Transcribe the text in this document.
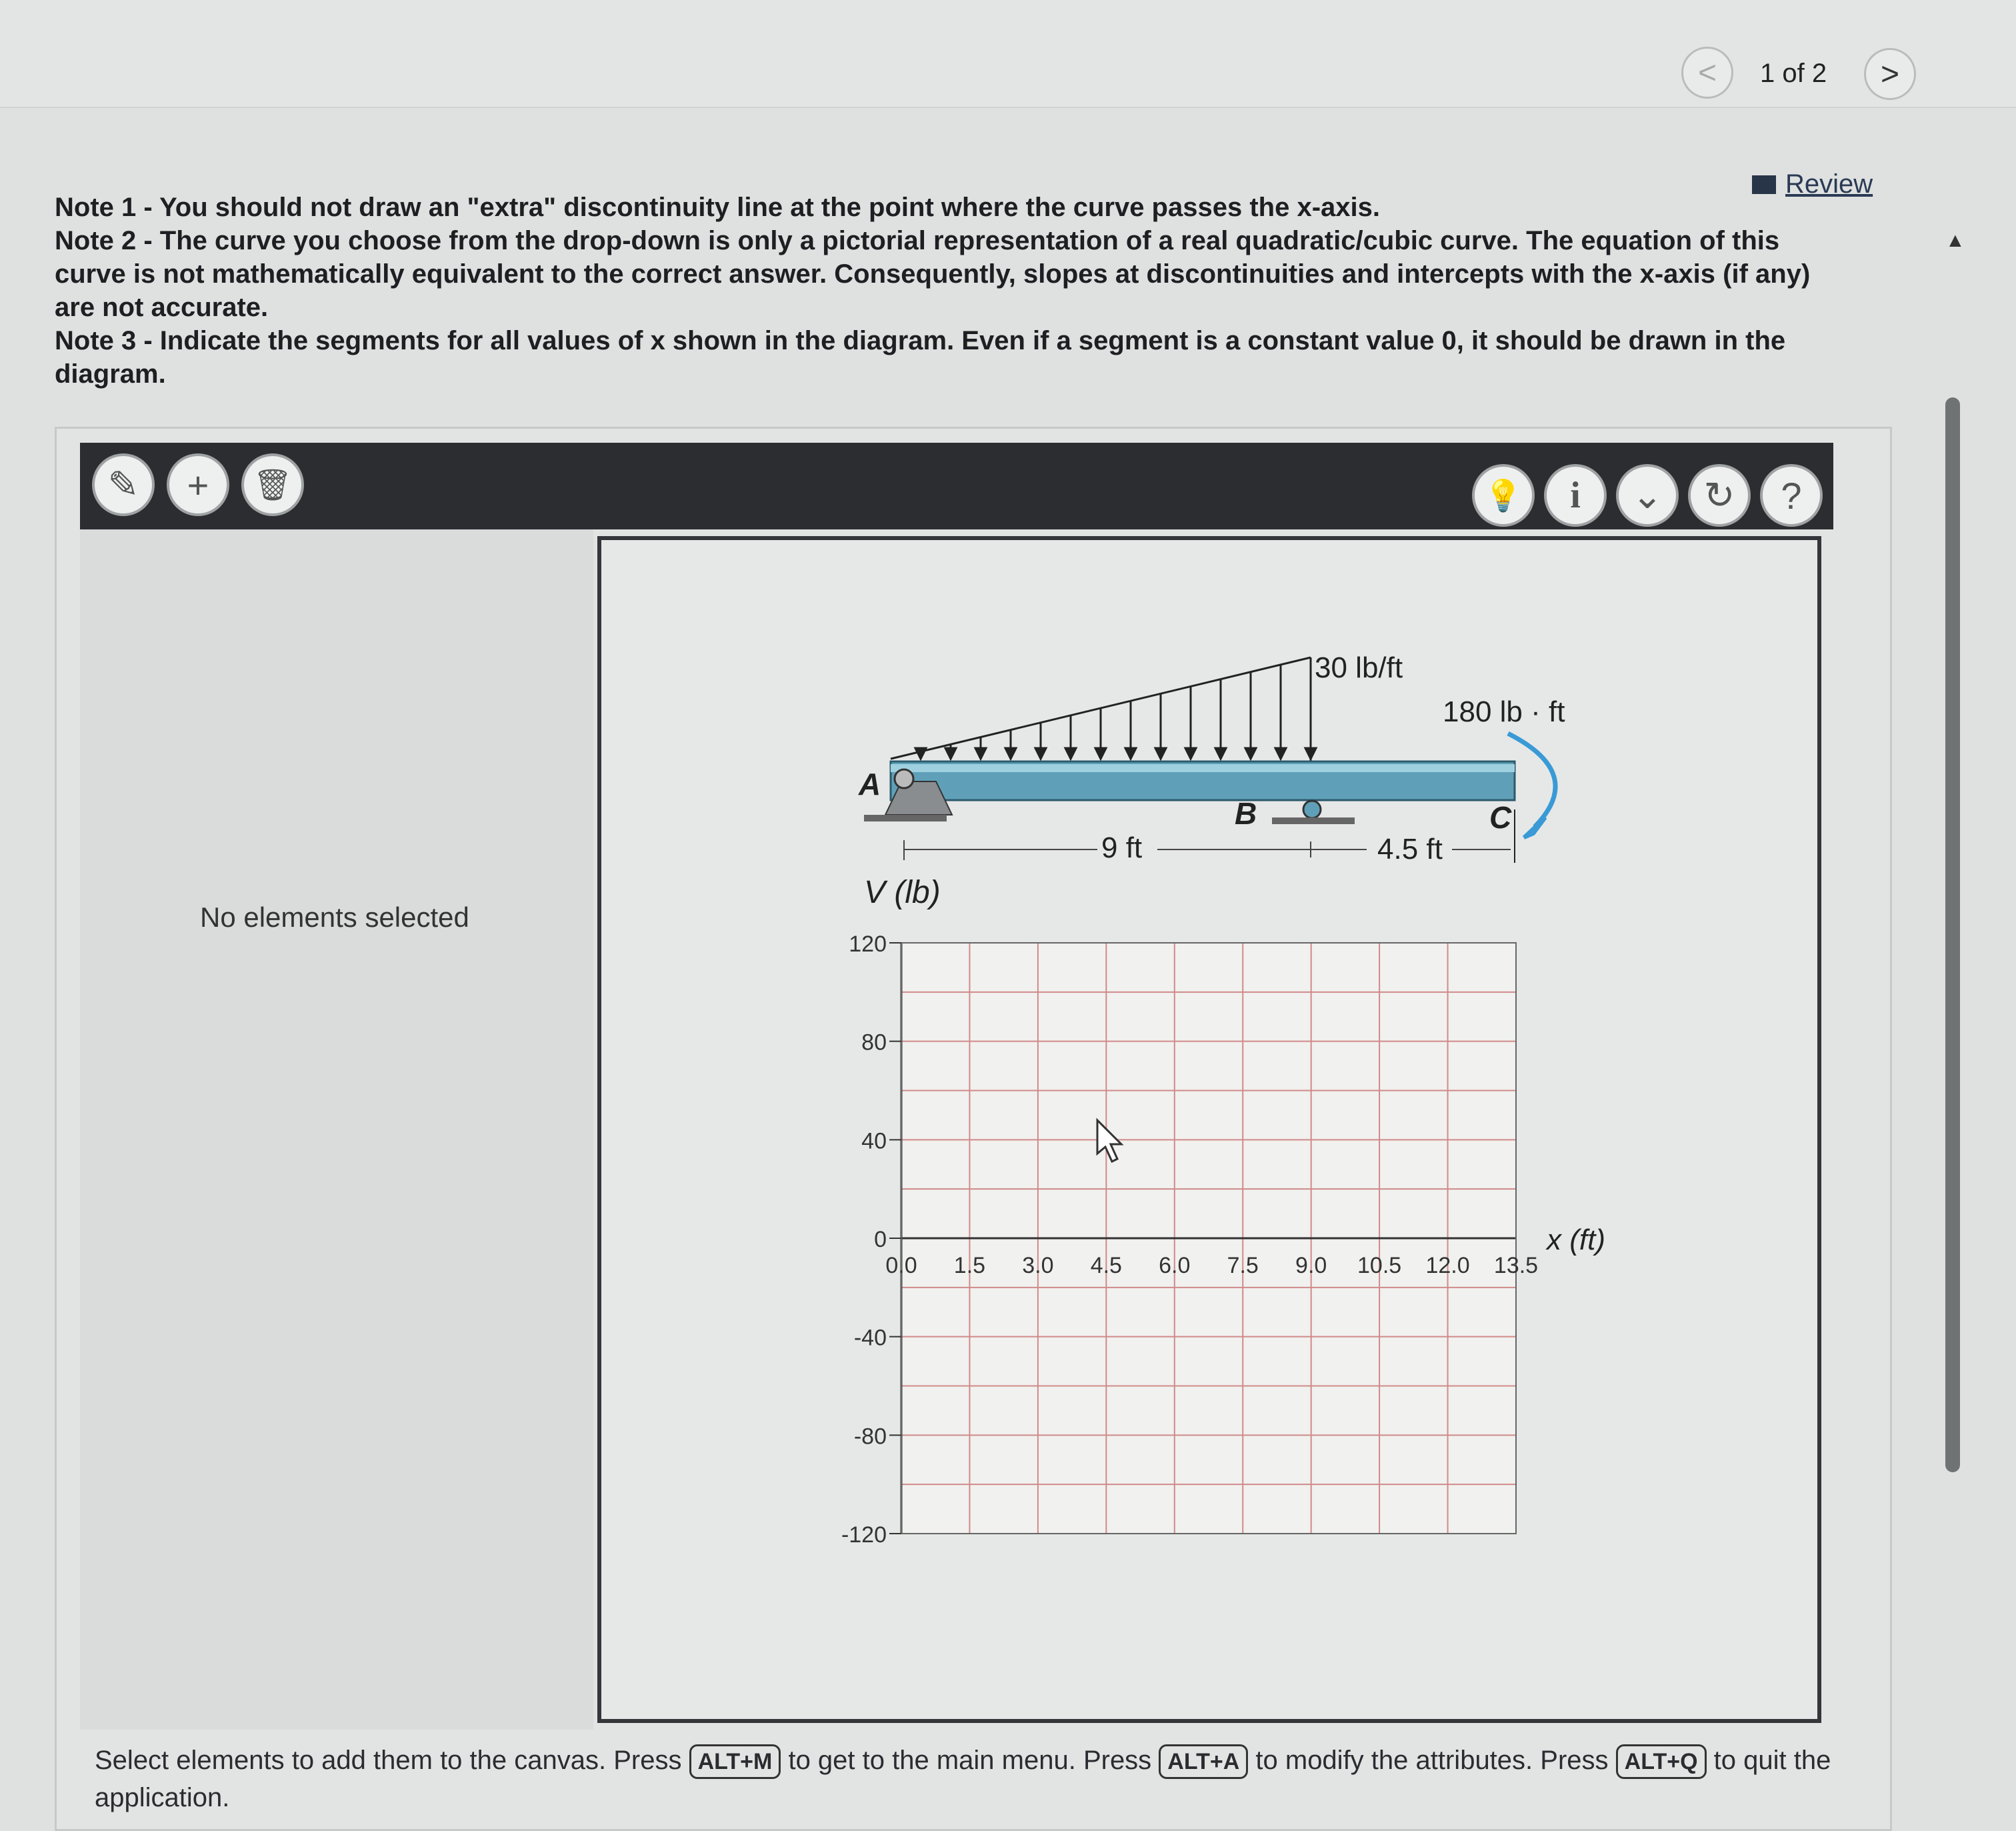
< 1 of 2 >
Review

Note 1 - You should not draw an "extra" discontinuity line at the point where the curve passes the x-axis.

Note 2 - The curve you choose from the drop-down is only a pictorial representation of a real quadratic/cubic curve. The equation of this curve is not mathematically equivalent to the correct answer. Consequently, slopes at discontinuities and intercepts with the x-axis (if any) are not accurate.

Note 3 - Indicate the segments for all values of x shown in the diagram. Even if a segment is a constant value 0, it should be drawn in the diagram.

▲
✎ + 🗑	💡 i ⌄ ↻ ?
No elements selected
30 lb/ft
180 lb · ft
A
B	C
9 ft	4.5 ft
V (lb)
x (ft)
120
80
40
0
-40
-80
-120
0.0 1.5 3.0 4.5 6.0 7.5 9.0 10.5 12.0 13.5
Select elements to add them to the canvas. Press ALT+M to get to the main menu. Press ALT+A to modify the attributes. Press ALT+Q to quit the application.
